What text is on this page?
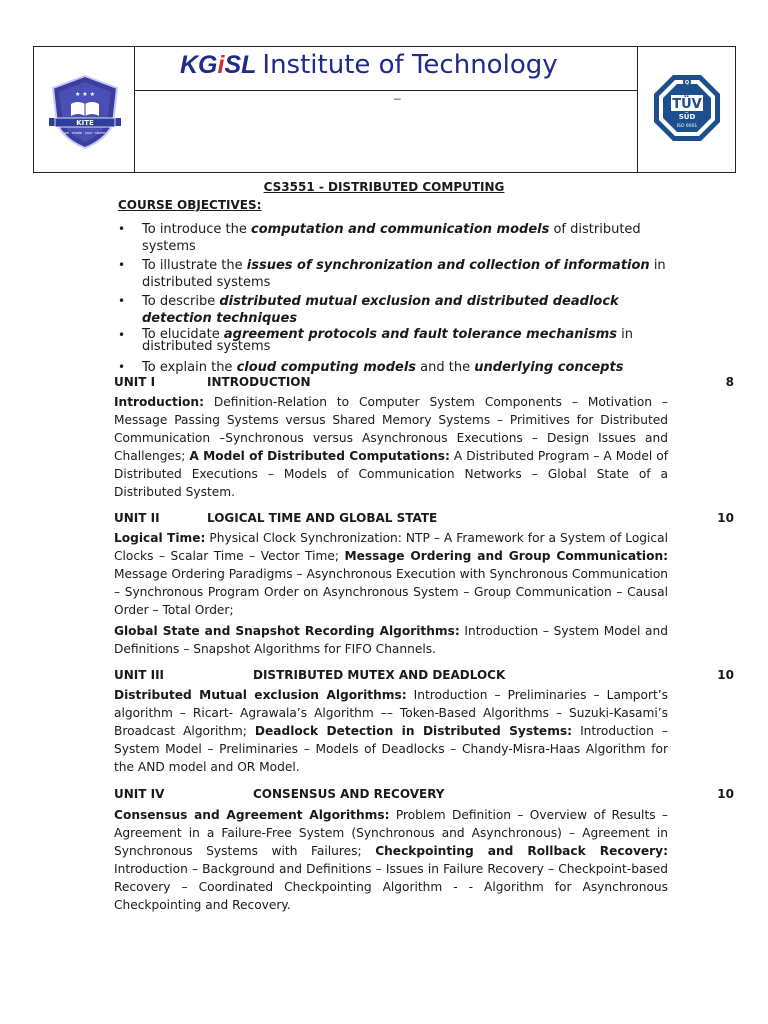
★ ★ ★
KITE
we · create · your · stories
KGiSL Institute of Technology
–
Q
TÜV
SÜD
ISO 9001
CS3551 - DISTRIBUTED COMPUTING
COURSE OBJECTIVES:
• To introduce the computation and communication models of distributed systems
• To illustrate the issues of synchronization and collection of information in distributed systems
• To describe distributed mutual exclusion and distributed deadlock detection techniques
• To elucidate agreement protocols and fault tolerance mechanisms in distributed systems
• To explain the cloud computing models and the underlying concepts
UNIT I	INTRODUCTION	8
Introduction: Definition-Relation to Computer System Components – Motivation – Message Passing Systems versus Shared Memory Systems – Primitives for Distributed Communication –Synchronous versus Asynchronous Executions – Design Issues and Challenges; A Model of Distributed Computations: A Distributed Program – A Model of Distributed Executions – Models of Communication Networks – Global State of a Distributed System.
UNIT II	LOGICAL TIME AND GLOBAL STATE	10
Logical Time: Physical Clock Synchronization: NTP – A Framework for a System of Logical Clocks – Scalar Time – Vector Time; Message Ordering and Group Communication: Message Ordering Paradigms – Asynchronous Execution with Synchronous Communication – Synchronous Program Order on Asynchronous System – Group Communication – Causal Order – Total Order;
Global State and Snapshot Recording Algorithms: Introduction – System Model and Definitions – Snapshot Algorithms for FIFO Channels.
UNIT III	DISTRIBUTED MUTEX AND DEADLOCK	10
Distributed Mutual exclusion Algorithms: Introduction – Preliminaries – Lamport’s algorithm – Ricart- Agrawala’s Algorithm –– Token-Based Algorithms – Suzuki-Kasami’s Broadcast Algorithm; Deadlock Detection in Distributed Systems: Introduction – System Model – Preliminaries – Models of Deadlocks – Chandy-Misra-Haas Algorithm for the AND model and OR Model.
UNIT IV	CONSENSUS AND RECOVERY	10
Consensus and Agreement Algorithms: Problem Definition – Overview of Results – Agreement in a Failure-Free System (Synchronous and Asynchronous) – Agreement in Synchronous Systems with Failures; Checkpointing and Rollback Recovery: Introduction – Background and Definitions – Issues in Failure Recovery – Checkpoint-based Recovery – Coordinated Checkpointing Algorithm - - Algorithm for Asynchronous Checkpointing and Recovery.
